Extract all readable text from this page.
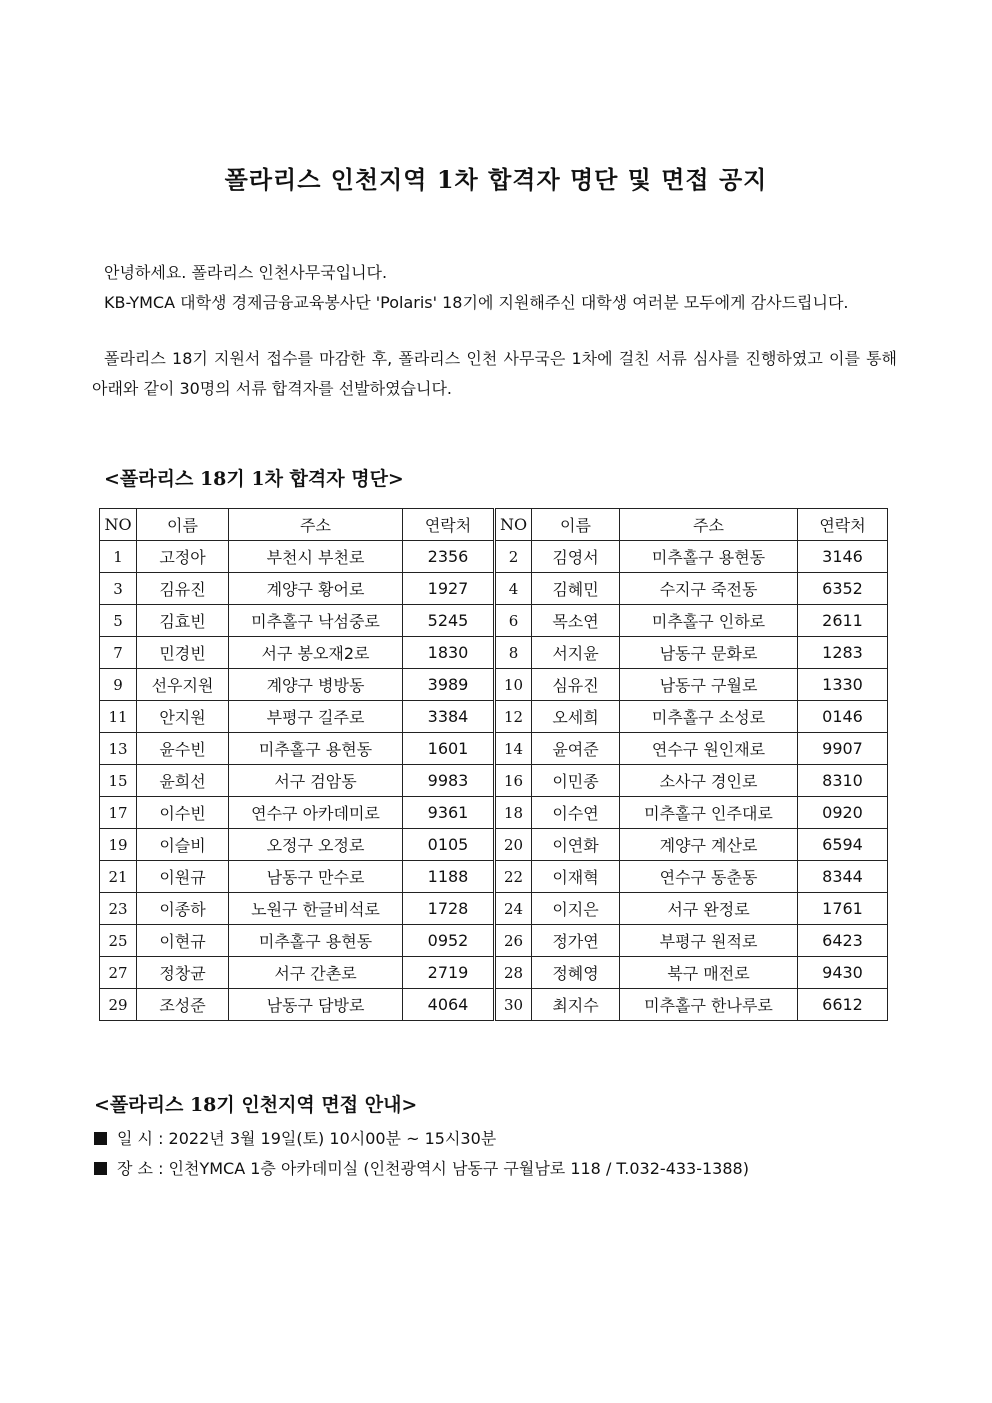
폴라리스 인천지역 1차 합격자 명단 및 면접 공지

안녕하세요. 폴라리스 인천사무국입니다.

KB-YMCA 대학생 경제금융교육봉사단 'Polaris' 18기에 지원해주신 대학생 여러분 모두에게 감사드립니다.

폴라리스 18기 지원서 접수를 마감한 후, 폴라리스 인천 사무국은 1차에 걸친 서류 심사를 진행하였고 이를 통해 아래와 같이 30명의 서류 합격자를 선발하였습니다.

<폴라리스 18기 1차 합격자 명단>
NO	이름	주소	연락처	NO	이름	주소	연락처
1	고정아	부천시 부천로	2356	2	김영서	미추홀구 용현동	3146
3	김유진	계양구 황어로	1927	4	김혜민	수지구 죽전동	6352
5	김효빈	미추홀구 낙섬중로	5245	6	목소연	미추홀구 인하로	2611
7	민경빈	서구 봉오재2로	1830	8	서지윤	남동구 문화로	1283
9	선우지원	계양구 병방동	3989	10	심유진	남동구 구월로	1330
11	안지원	부평구 길주로	3384	12	오세희	미추홀구 소성로	0146
13	윤수빈	미추홀구 용현동	1601	14	윤여준	연수구 원인재로	9907
15	윤희선	서구 검암동	9983	16	이민종	소사구 경인로	8310
17	이수빈	연수구 아카데미로	9361	18	이수연	미추홀구 인주대로	0920
19	이슬비	오정구 오정로	0105	20	이연화	계양구 계산로	6594
21	이원규	남동구 만수로	1188	22	이재혁	연수구 동춘동	8344
23	이종하	노원구 한글비석로	1728	24	이지은	서구 완정로	1761
25	이현규	미추홀구 용현동	0952	26	정가연	부평구 원적로	6423
27	정창균	서구 간촌로	2719	28	정혜영	북구 매전로	9430
29	조성준	남동구 담방로	4064	30	최지수	미추홀구 한나루로	6612
<폴라리스 18기 인천지역 면접 안내>

일 시 : 2022년 3월 19일(토) 10시00분 ~ 15시30분

장 소 : 인천YMCA 1층 아카데미실 (인천광역시 남동구 구월남로 118 / T.032-433-1388)
